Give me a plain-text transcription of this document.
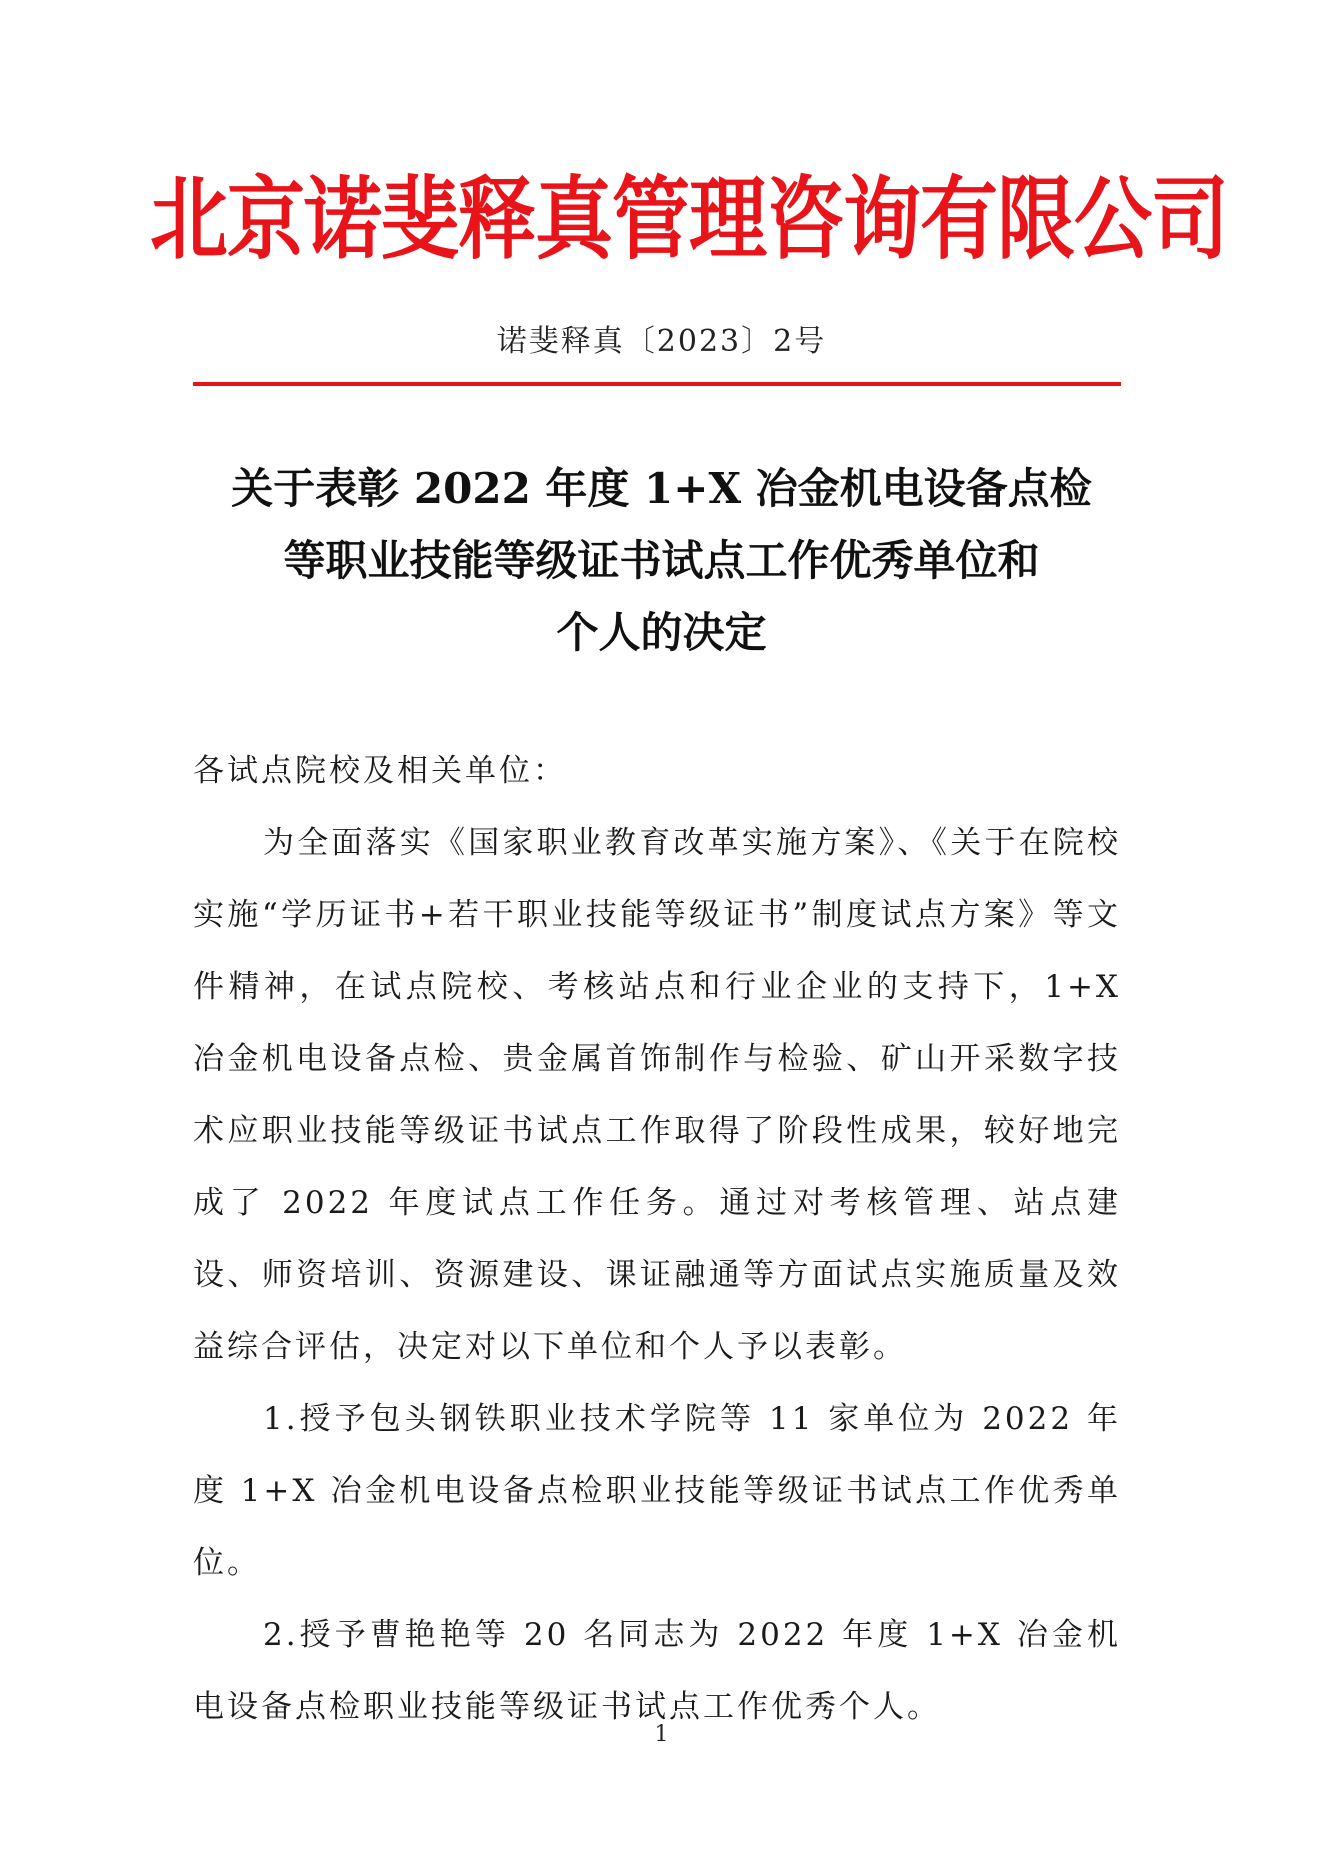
北京诺斐释真管理咨询有限公司
诺斐释真〔2023〕2号
关于表彰 2022 年度 1+X 冶金机电设备点检
等职业技能等级证书试点工作优秀单位和
个人的决定

各试点院校及相关单位：

为全面落实《国家职业教育改革实施方案》、《关于在院校实施“学历证书+若干职业技能等级证书”制度试点方案》等文件精神，在试点院校、考核站点和行业企业的支持下，1+X 冶金机电设备点检、贵金属首饰制作与检验、矿山开采数字技术应职业技能等级证书试点工作取得了阶段性成果，较好地完成了 2022 年度试点工作任务。通过对考核管理、站点建设、师资培训、资源建设、课证融通等方面试点实施质量及效益综合评估，决定对以下单位和个人予以表彰。

1.授予包头钢铁职业技术学院等 11 家单位为 2022 年度 1+X 冶金机电设备点检职业技能等级证书试点工作优秀单位。

2.授予曹艳艳等 20 名同志为 2022 年度 1+X 冶金机电设备点检职业技能等级证书试点工作优秀个人。

1
